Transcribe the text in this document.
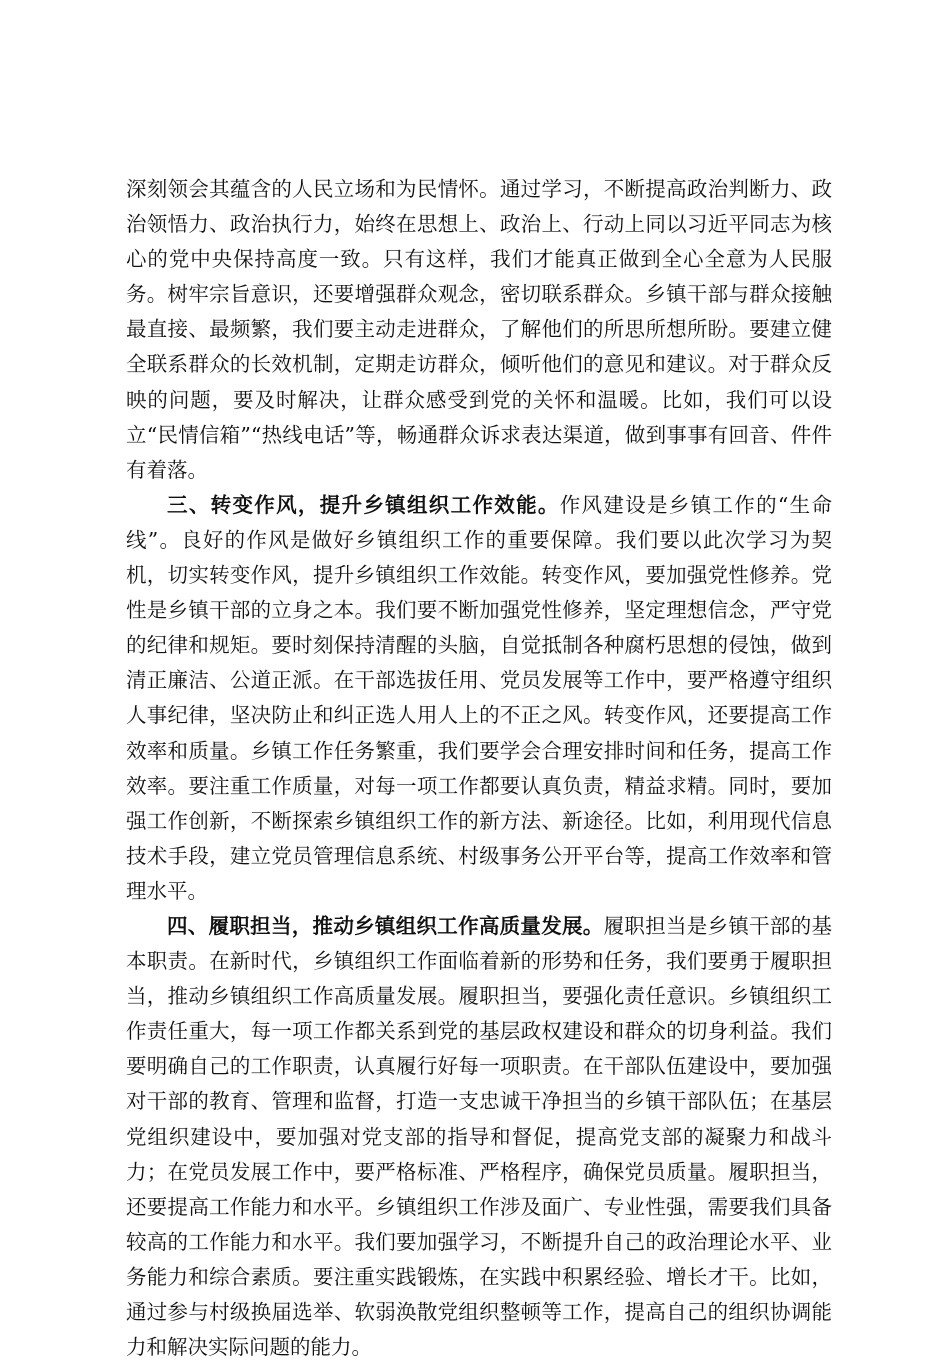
深刻领会其蕴含的人民立场和为民情怀。通过学习，不断提高政治判断力、政治领悟力、政治执行力，始终在思想上、政治上、行动上同以习近平同志为核心的党中央保持高度一致。只有这样，我们才能真正做到全心全意为人民服务。树牢宗旨意识，还要增强群众观念，密切联系群众。乡镇干部与群众接触最直接、最频繁，我们要主动走进群众，了解他们的所思所想所盼。要建立健全联系群众的长效机制，定期走访群众，倾听他们的意见和建议。对于群众反映的问题，要及时解决，让群众感受到党的关怀和温暖。比如，我们可以设立“民情信箱”“热线电话”等，畅通群众诉求表达渠道，做到事事有回音、件件有着落。

三、转变作风，提升乡镇组织工作效能。作风建设是乡镇工作的“生命线”。良好的作风是做好乡镇组织工作的重要保障。我们要以此次学习为契机，切实转变作风，提升乡镇组织工作效能。转变作风，要加强党性修养。党性是乡镇干部的立身之本。我们要不断加强党性修养，坚定理想信念，严守党的纪律和规矩。要时刻保持清醒的头脑，自觉抵制各种腐朽思想的侵蚀，做到清正廉洁、公道正派。在干部选拔任用、党员发展等工作中，要严格遵守组织人事纪律，坚决防止和纠正选人用人上的不正之风。转变作风，还要提高工作效率和质量。乡镇工作任务繁重，我们要学会合理安排时间和任务，提高工作效率。要注重工作质量，对每一项工作都要认真负责，精益求精。同时，要加强工作创新，不断探索乡镇组织工作的新方法、新途径。比如，利用现代信息技术手段，建立党员管理信息系统、村级事务公开平台等，提高工作效率和管理水平。

四、履职担当，推动乡镇组织工作高质量发展。履职担当是乡镇干部的基本职责。在新时代，乡镇组织工作面临着新的形势和任务，我们要勇于履职担当，推动乡镇组织工作高质量发展。履职担当，要强化责任意识。乡镇组织工作责任重大，每一项工作都关系到党的基层政权建设和群众的切身利益。我们要明确自己的工作职责，认真履行好每一项职责。在干部队伍建设中，要加强对干部的教育、管理和监督，打造一支忠诚干净担当的乡镇干部队伍；在基层党组织建设中，要加强对党支部的指导和督促，提高党支部的凝聚力和战斗力；在党员发展工作中，要严格标准、严格程序，确保党员质量。履职担当，还要提高工作能力和水平。乡镇组织工作涉及面广、专业性强，需要我们具备较高的工作能力和水平。我们要加强学习，不断提升自己的政治理论水平、业务能力和综合素质。要注重实践锻炼，在实践中积累经验、增长才干。比如，通过参与村级换届选举、软弱涣散党组织整顿等工作，提高自己的组织协调能力和解决实际问题的能力。
